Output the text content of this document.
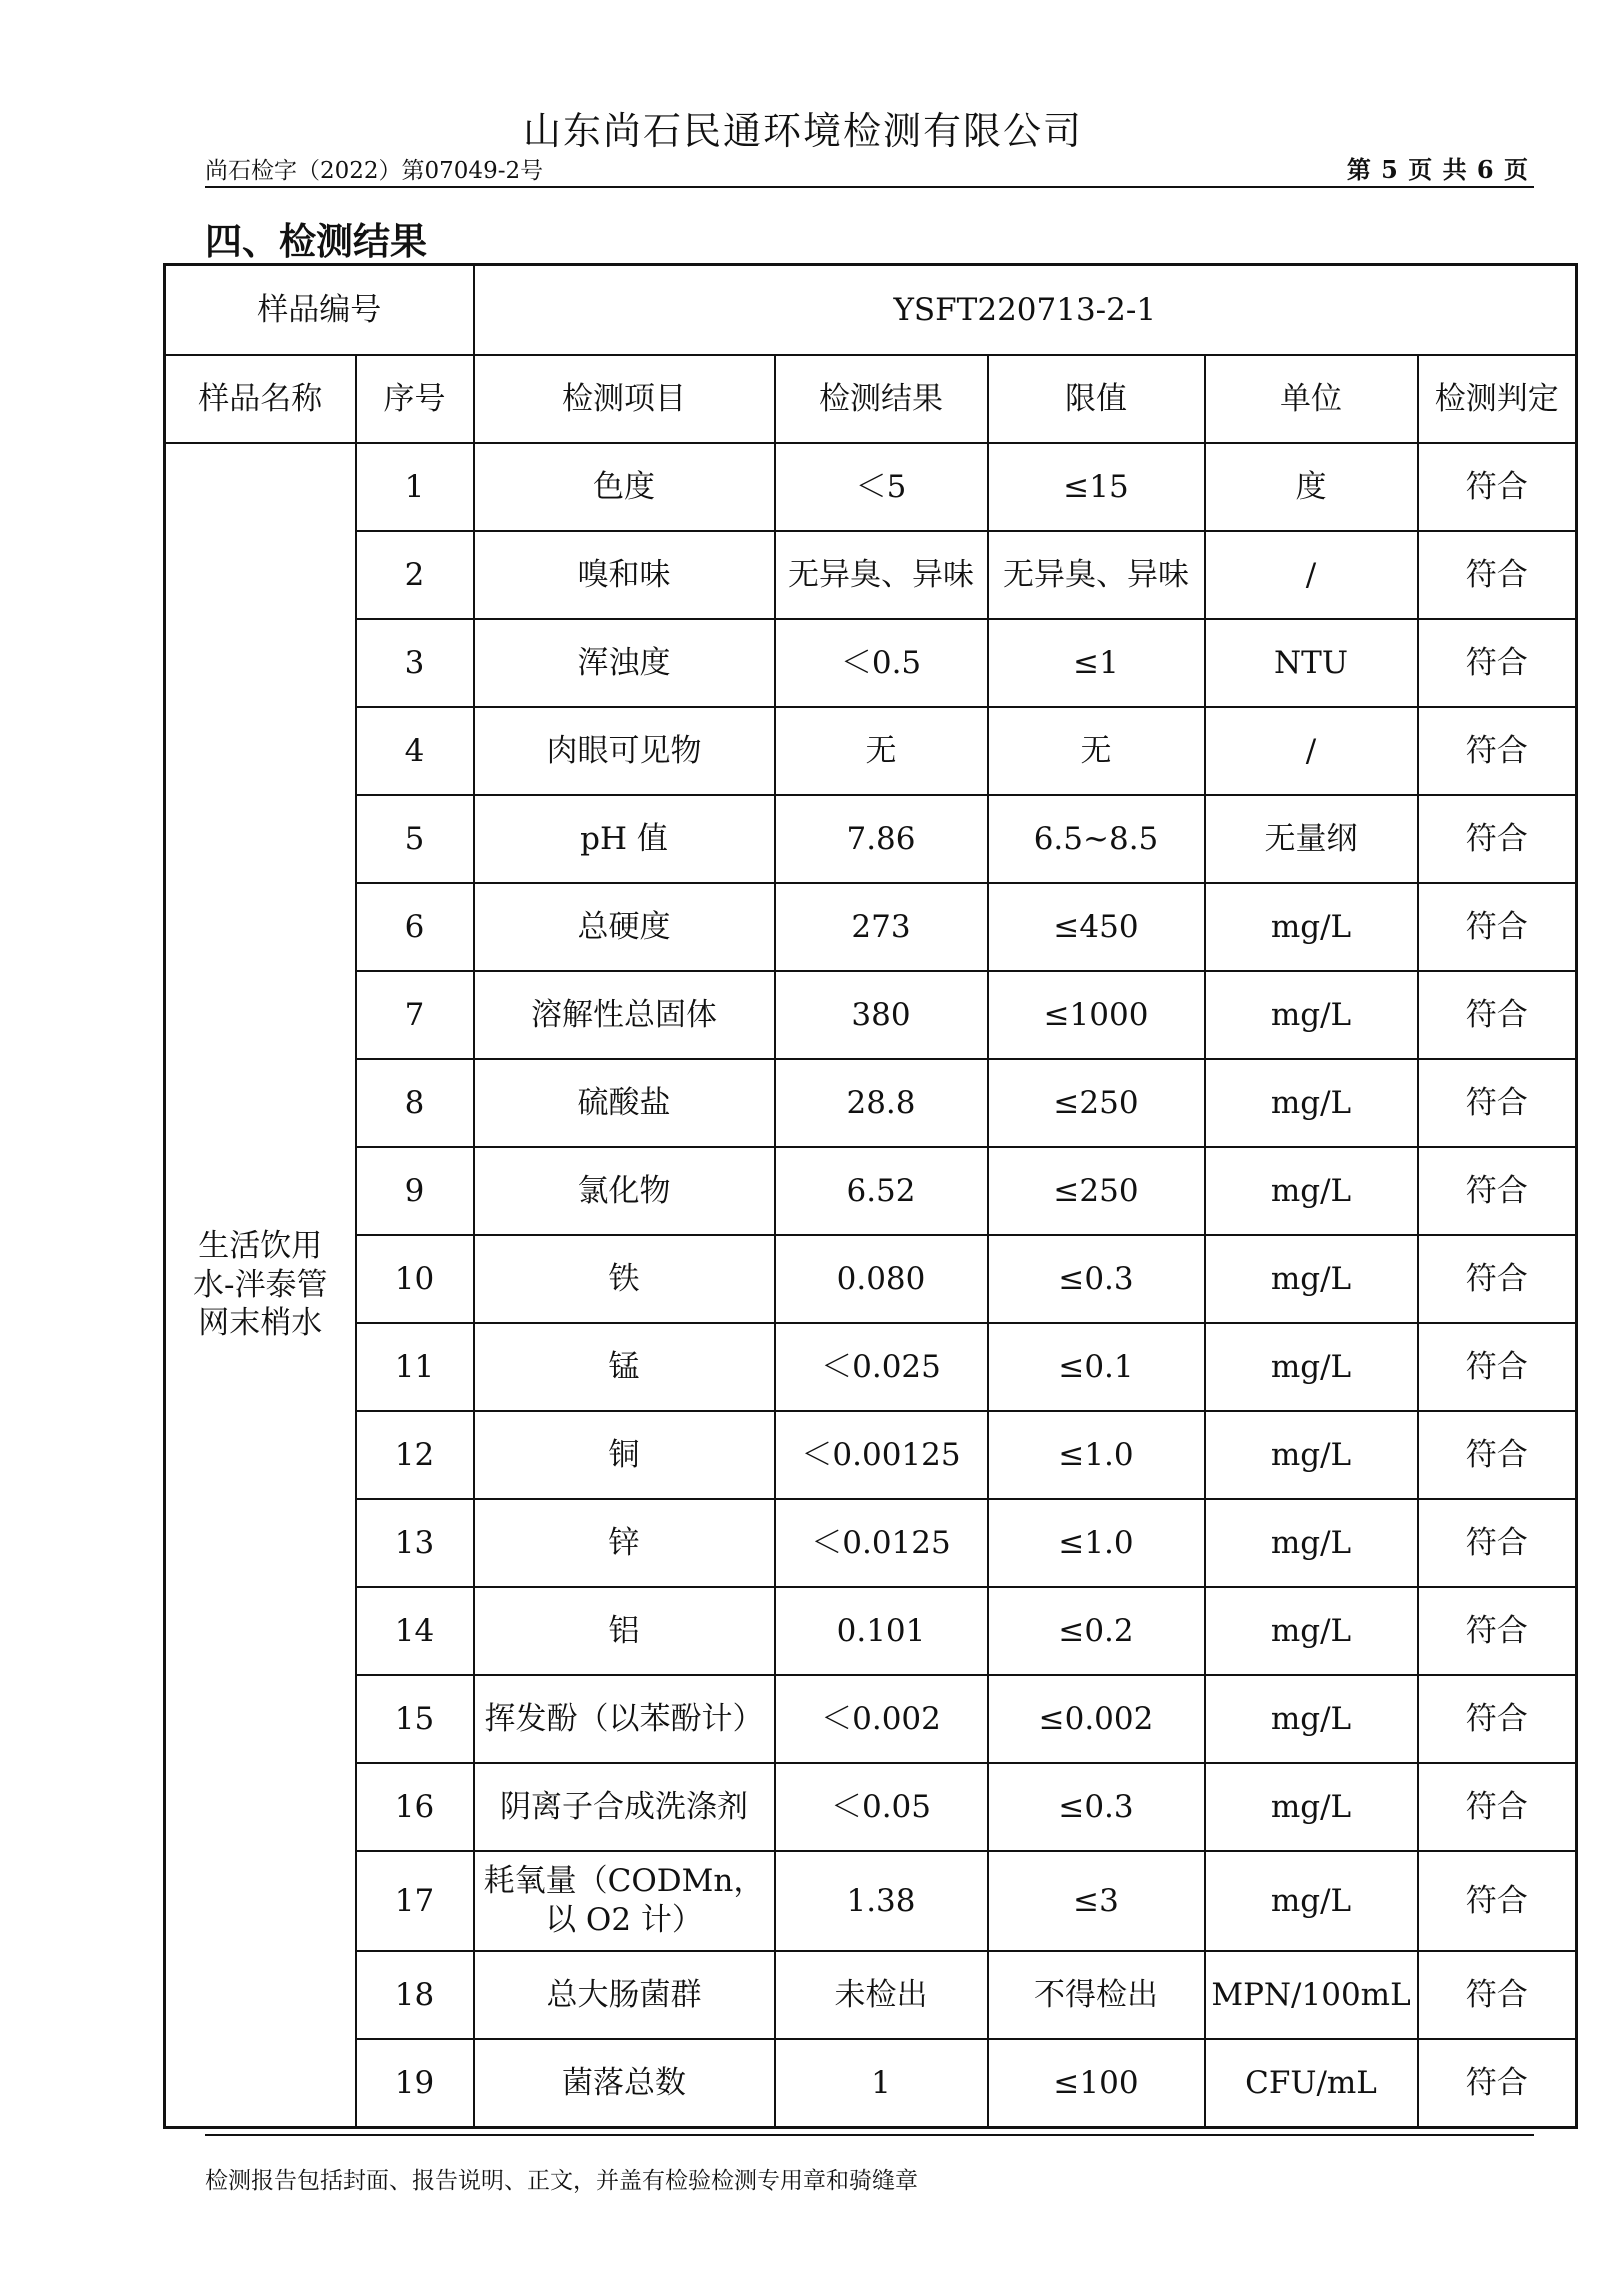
山东尚石民通环境检测有限公司
尚石检字（2022）第07049-2号	第 5 页 共 6 页
四、检测结果
样品编号		YSFT220713-2-1				
样品名称	序号	检测项目	检测结果	限值	单位	检测判定

生活饮用
水-泮泰管
网末梢水	1	色度	＜5	≤15	度	符合
	2	嗅和味	无异臭、异味	无异臭、异味	/	符合
	3	浑浊度	＜0.5	≤1	NTU	符合
	4	肉眼可见物	无	无	/	符合
	5	pH 值	7.86	6.5~8.5	无量纲	符合
	6	总硬度	273	≤450	mg/L	符合
	7	溶解性总固体	380	≤1000	mg/L	符合
	8	硫酸盐	28.8	≤250	mg/L	符合
	9	氯化物	6.52	≤250	mg/L	符合
	10	铁	0.080	≤0.3	mg/L	符合
	11	锰	＜0.025	≤0.1	mg/L	符合
	12	铜	＜0.00125	≤1.0	mg/L	符合
	13	锌	＜0.0125	≤1.0	mg/L	符合
	14	铝	0.101	≤0.2	mg/L	符合
	15	挥发酚（以苯酚计）	＜0.002	≤0.002	mg/L	符合
	16	阴离子合成洗涤剂	＜0.05	≤0.3	mg/L	符合
	17	耗氧量（CODMn，
以 O2 计）	1.38	≤3	mg/L	符合
	18	总大肠菌群	未检出	不得检出	MPN/100mL	符合
	19	菌落总数	1	≤100	CFU/mL	符合
检测报告包括封面、报告说明、正文，并盖有检验检测专用章和骑缝章
